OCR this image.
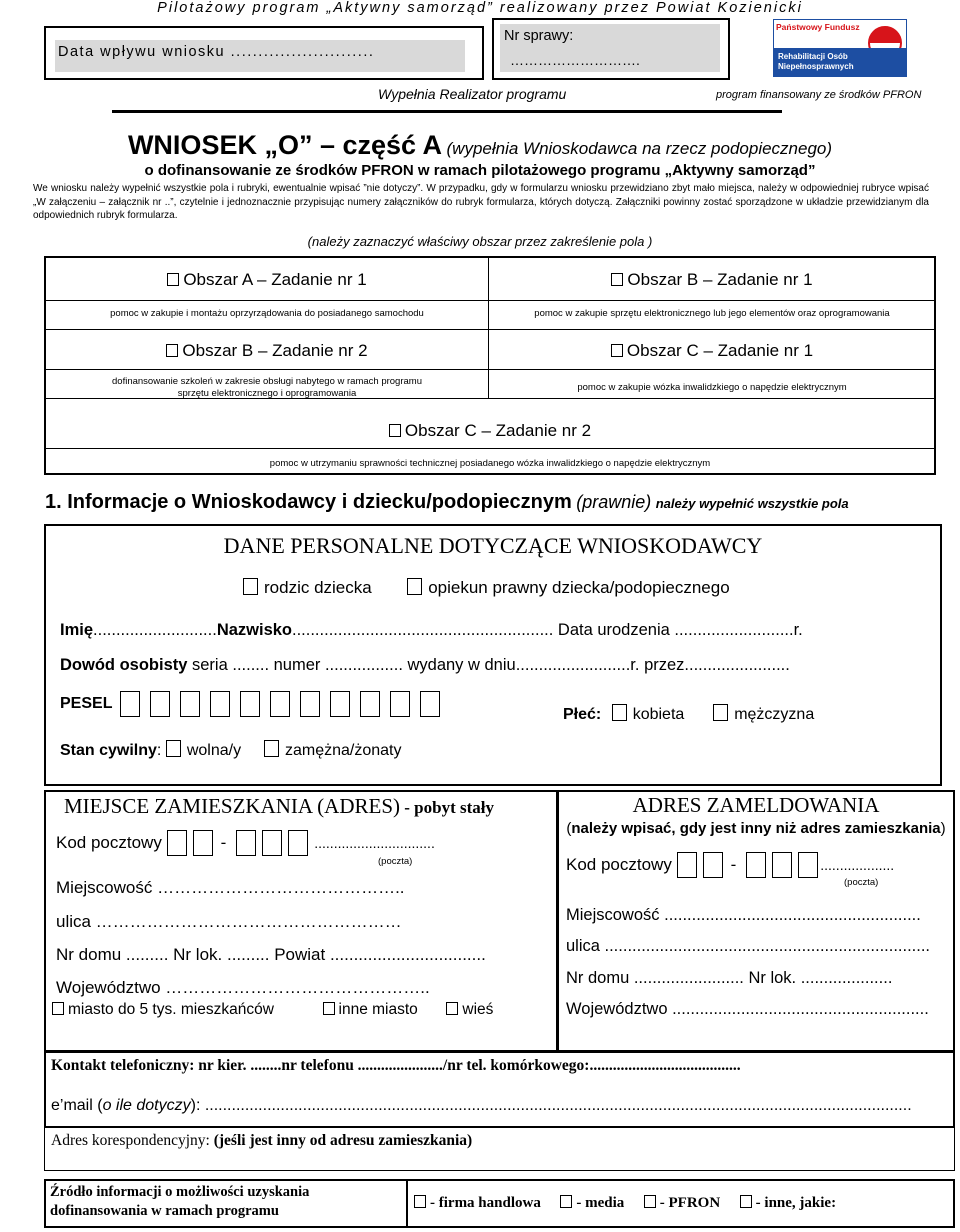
Pilotażowy program „Aktywny samorząd” realizowany przez Powiat Kozienicki
Data wpływu wniosku ..........................
Nr sprawy:
……………………….
Państwowy Fundusz
Rehabilitacji Osób Niepełnosprawnych
Wypełnia Realizator programu	program finansowany ze środków PFRON
WNIOSEK „O” – część A (wypełnia Wnioskodawca na rzecz podopiecznego)
o dofinansowanie ze środków PFRON w ramach pilotażowego programu „Aktywny samorząd”
We wniosku należy wypełnić wszystkie pola i rubryki, ewentualnie wpisać ”nie dotyczy”. W przypadku, gdy w formularzu wniosku przewidziano zbyt mało miejsca, należy w odpowiedniej rubryce wpisać „W załączeniu – załącznik nr ..”, czytelnie i jednoznacznie przypisując numery załączników do rubryk formularza, których dotyczą. Załączniki powinny zostać sporządzone w układzie przewidzianym dla odpowiednich rubryk formularza.
(należy zaznaczyć właściwy obszar przez zakreślenie pola )
Obszar A – Zadanie nr 1
pomoc w zakupie i montażu oprzyrządowania do posiadanego samochodu
Obszar B – Zadanie nr 1
pomoc w zakupie sprzętu elektronicznego lub jego elementów oraz oprogramowania
Obszar B – Zadanie nr 2
dofinansowanie szkoleń w zakresie obsługi nabytego w ramach programu sprzętu elektronicznego i oprogramowania
Obszar C – Zadanie nr 1
pomoc w zakupie wózka inwalidzkiego o napędzie elektrycznym
Obszar C – Zadanie nr 2
pomoc w utrzymaniu sprawności technicznej posiadanego wózka inwalidzkiego o napędzie elektrycznym
1. Informacje o Wnioskodawcy i dziecku/podopiecznym (prawnie) należy wypełnić wszystkie pola
DANE PERSONALNE DOTYCZĄCE WNIOSKODAWCY
rodzic dziecka	opiekun prawny dziecka/podopiecznego
Imię...........................Nazwisko......................................................... Data urodzenia ..........................r.
Dowód osobisty seria ........ numer ................. wydany w dniu.........................r. przez.......................
PESEL
Płeć: kobieta	mężczyzna
Stan cywilny: wolna/y	zamężna/żonaty
MIEJSCE ZAMIESZKANIA (ADRES) - pobyt stały
Kod pocztowy	-	...............................
(poczta)
Miejscowość ……………………………………..
ulica ………………………………………………
Nr domu ......... Nr lok. ......... Powiat .................................
Województwo ………………………………………..
miasto do 5 tys. mieszkańców	inne miasto	wieś
ADRES ZAMELDOWANIA
(należy wpisać, gdy jest inny niż adres zamieszkania)
Kod pocztowy	-	...................
(poczta)
Miejscowość ........................................................
ulica .......................................................................
Nr domu ........................ Nr lok. ....................
Województwo ........................................................
Kontakt telefoniczny: nr kier. ........nr telefonu ....................../nr tel. komórkowego:.......................................
e’mail (o ile dotyczy): ...............................................................................................................................................................
Adres korespondencyjny: (jeśli jest inny od adresu zamieszkania)
Źródło informacji o możliwości uzyskania dofinansowania w ramach programu	- firma handlowa - media - PFRON - inne, jakie:
